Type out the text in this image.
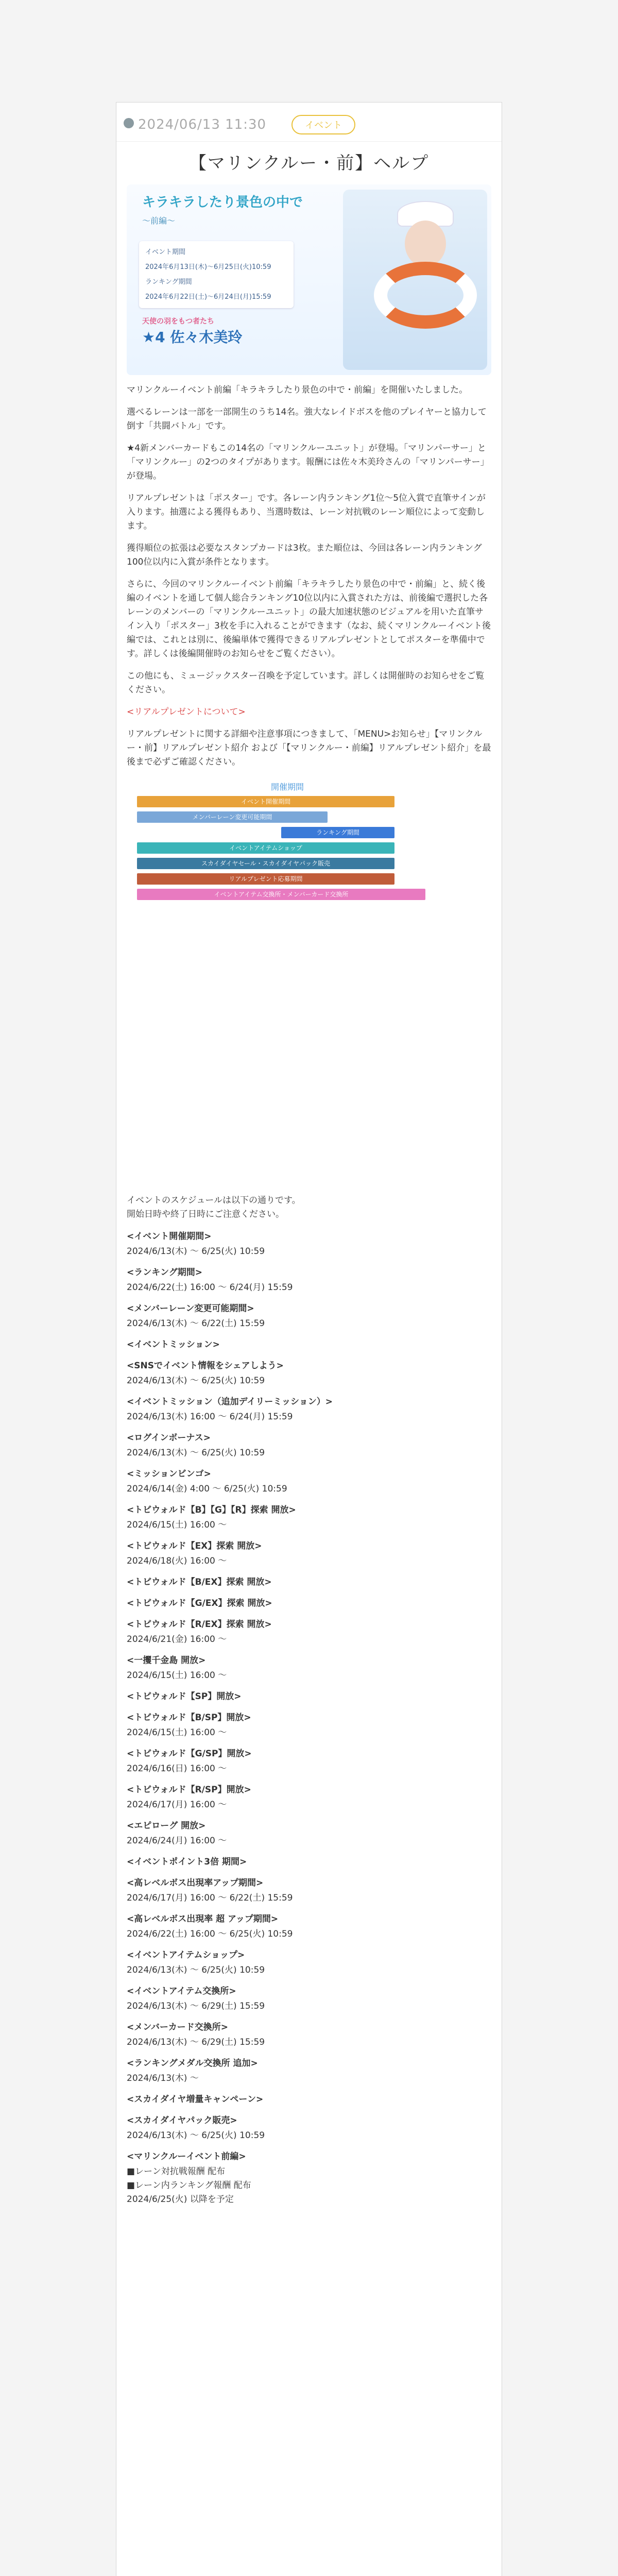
2024/06/13 11:30	イベント
【マリンクルー・前】ヘルプ
キラキラしたり景色の中で
〜前編〜

イベント期間

2024年6月13日(木)〜6月25日(火)10:59

ランキング期間

2024年6月22日(土)〜6月24日(月)15:59

天使の羽をもつ者たち
★4 佐々木美玲

マリンクルーイベント前編「キラキラしたり景色の中で・前編」を開催いたしました。

選べるレーンは一部を一部開生のうち14名。強大なレイドボスを他のプレイヤーと協力して倒す「共闘バトル」です。

★4新メンバーカードもこの14名の「マリンクルーユニット」が登場。「マリンパーサー」と「マリンクルー」の2つのタイプがあります。報酬には佐々木美玲さんの「マリンパーサー」が登場。

リアルプレゼントは「ポスター」です。各レーン内ランキング1位〜5位入賞で直筆サインが入ります。抽選による獲得もあり、当選時数は、レーン対抗戦のレーン順位によって変動します。

獲得順位の拡張は必要なスタンプカードは3枚。また順位は、今回は各レーン内ランキング100位以内に入賞が条件となります。

さらに、今回のマリンクルーイベント前編「キラキラしたり景色の中で・前編」と、続く後編のイベントを通して個人総合ランキング10位以内に入賞された方は、前後編で選択した各レーンのメンバーの「マリンクルーユニット」の最大加速状態のビジュアルを用いた直筆サイン入り「ポスター」3枚を手に入れることができます（なお、続くマリンクルーイベント後編では、これとは別に、後編単体で獲得できるリアルプレゼントとしてポスターを準備中です。詳しくは後編開催時のお知らせをご覧ください）。

この他にも、ミュージックスター召喚を予定しています。詳しくは開催時のお知らせをご覧ください。

<リアルプレゼントについて>

リアルプレゼントに関する詳細や注意事項につきまして、「MENU>お知らせ」【マリンクルー・前】リアルプレゼント紹介 および「【マリンクルー・前編】リアルプレゼント紹介」を最後まで必ずご確認ください。

開催期間
イベント開催期間
メンバーレーン変更可能期間
ランキング期間
イベントアイテムショップ
スカイダイヤセール・スカイダイヤパック販売
リアルプレゼント応募期間
イベントアイテム交換所・メンバーカード交換所

イベントのスケジュールは以下の通りです。
開始日時や終了日時にご注意ください。

<イベント開催期間>

2024/6/13(木) 〜 6/25(火) 10:59

<ランキング期間>

2024/6/22(土) 16:00 〜 6/24(月) 15:59

<メンバーレーン変更可能期間>

2024/6/13(木) 〜 6/22(土) 15:59

<イベントミッション>

<SNSでイベント情報をシェアしよう>

2024/6/13(木) 〜 6/25(火) 10:59

<イベントミッション（追加デイリーミッション）>

2024/6/13(木) 16:00 〜 6/24(月) 15:59

<ログインボーナス>

2024/6/13(木) 〜 6/25(火) 10:59

<ミッションビンゴ>

2024/6/14(金) 4:00 〜 6/25(火) 10:59

<トビウォルド【B】【G】【R】探索 開放>

2024/6/15(土) 16:00 〜

<トビウォルド【EX】探索 開放>

2024/6/18(火) 16:00 〜

<トビウォルド【B/EX】探索 開放>

<トビウォルド【G/EX】探索 開放>

<トビウォルド【R/EX】探索 開放>

2024/6/21(金) 16:00 〜

<一攫千金島 開放>

2024/6/15(土) 16:00 〜

<トビウォルド【SP】開放>

<トビウォルド【B/SP】開放>

2024/6/15(土) 16:00 〜

<トビウォルド【G/SP】開放>

2024/6/16(日) 16:00 〜

<トビウォルド【R/SP】開放>

2024/6/17(月) 16:00 〜

<エピローグ 開放>

2024/6/24(月) 16:00 〜

<イベントポイント3倍 期間>

<高レベルボス出現率アップ期間>

2024/6/17(月) 16:00 〜 6/22(土) 15:59

<高レベルボス出現率 超 アップ期間>

2024/6/22(土) 16:00 〜 6/25(火) 10:59

<イベントアイテムショップ>

2024/6/13(木) 〜 6/25(火) 10:59

<イベントアイテム交換所>

2024/6/13(木) 〜 6/29(土) 15:59

<メンバーカード交換所>

2024/6/13(木) 〜 6/29(土) 15:59

<ランキングメダル交換所 追加>

2024/6/13(木) 〜

<スカイダイヤ増量キャンペーン>

<スカイダイヤパック販売>

2024/6/13(木) 〜 6/25(火) 10:59

<マリンクルーイベント前編>

■レーン対抗戦報酬 配布
■レーン内ランキング報酬 配布
2024/6/25(火) 以降を予定
